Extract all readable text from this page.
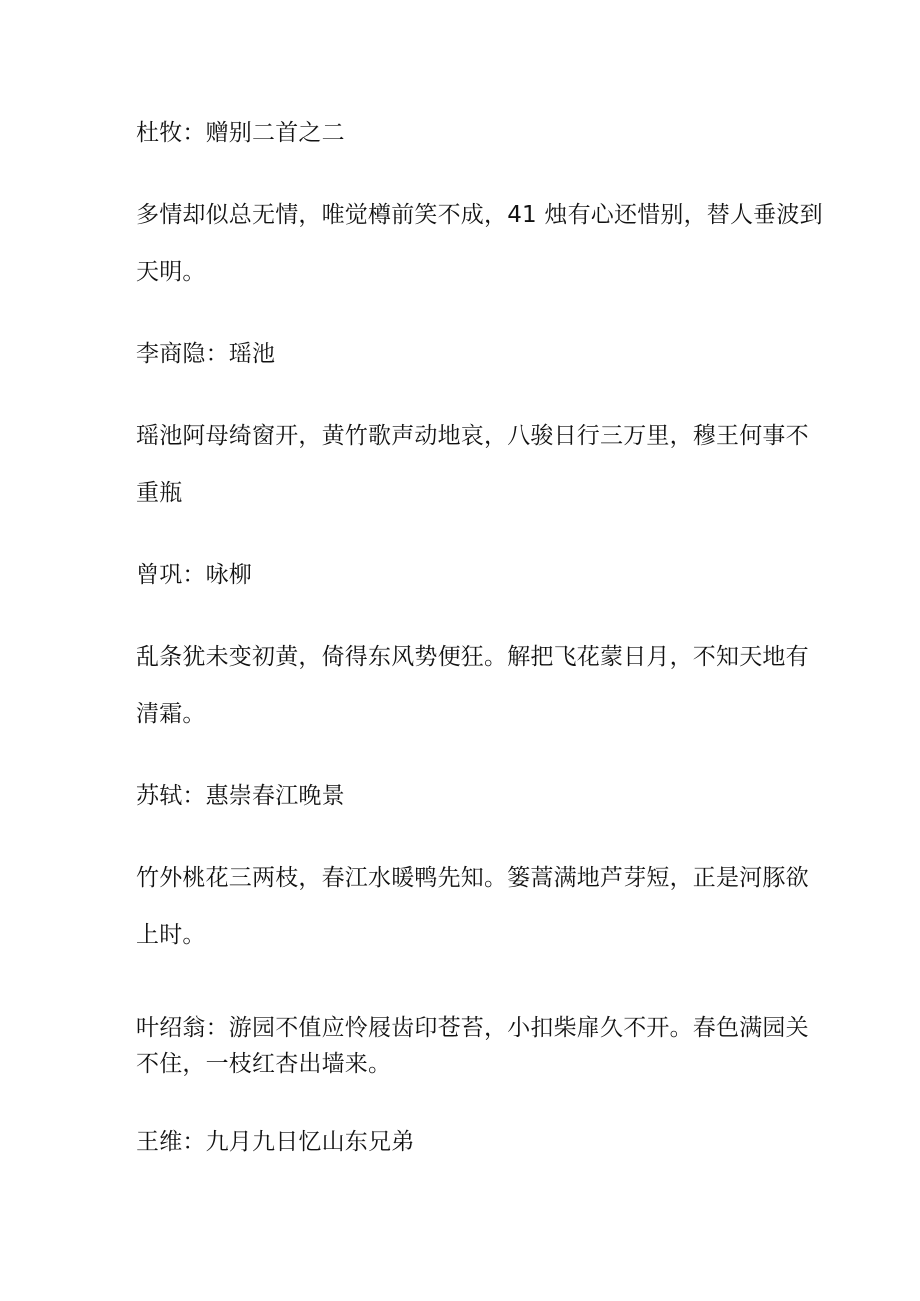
杜牧：赠别二首之二
多情却似总无情，唯觉樽前笑不成，41 烛有心还惜别，替人垂波到
天明。
李商隐：瑶池
瑶池阿母绮窗开，黄竹歌声动地哀，八骏日行三万里，穆王何事不
重瓶
曾巩：咏柳
乱条犹未变初黄，倚得东风势便狂。解把飞花蒙日月，不知天地有
清霜。
苏轼：惠崇春江晚景
竹外桃花三两枝，春江水暖鸭先知。篓蒿满地芦芽短，正是河豚欲
上时。
叶绍翁：游园不值应怜屐齿印苍苔，小扣柴扉久不开。春色满园关
不住，一枝红杏出墙来。
王维：九月九日忆山东兄弟
